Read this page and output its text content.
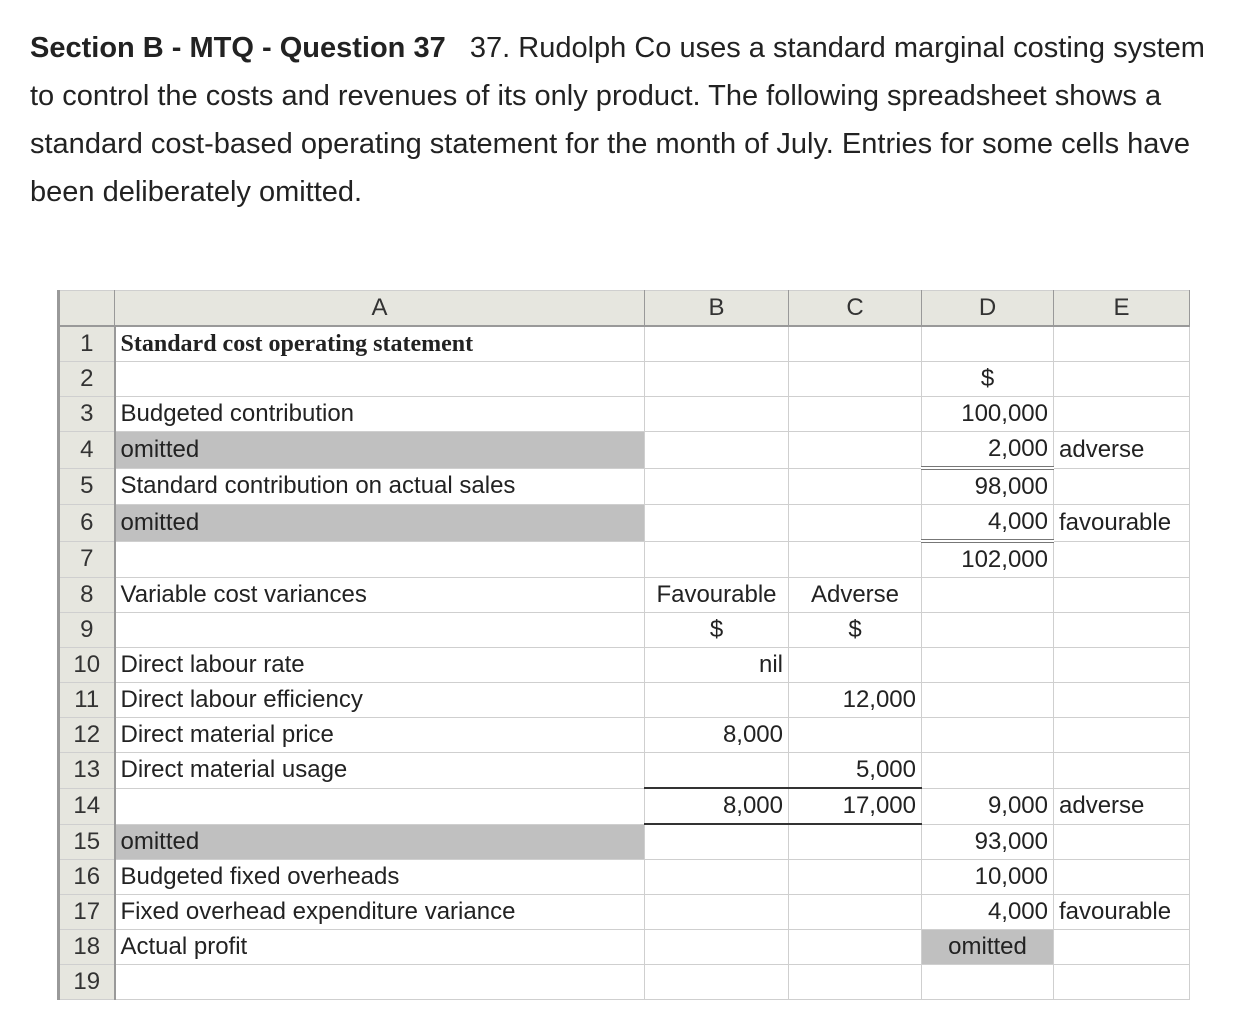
Section B - MTQ - Question 37 37. Rudolph Co uses a standard marginal costing system to control the costs and revenues of its only product. The following spreadsheet shows a standard cost-based operating statement for the month of July. Entries for some cells have been deliberately omitted.
	A	B	C	D	E
1	Standard cost operating statement				
2				$	
3	Budgeted contribution			100,000	
4	omitted			2,000	adverse
5	Standard contribution on actual sales			98,000	
6	omitted			4,000	favourable
7				102,000	
8	Variable cost variances	Favourable	Adverse		
9		$	$		
10	Direct labour rate	nil			
11	Direct labour efficiency		12,000		
12	Direct material price	8,000			
13	Direct material usage		5,000		
14		8,000	17,000	9,000	adverse
15	omitted			93,000	
16	Budgeted fixed overheads			10,000	
17	Fixed overhead expenditure variance			4,000	favourable
18	Actual profit			omitted	
19					
